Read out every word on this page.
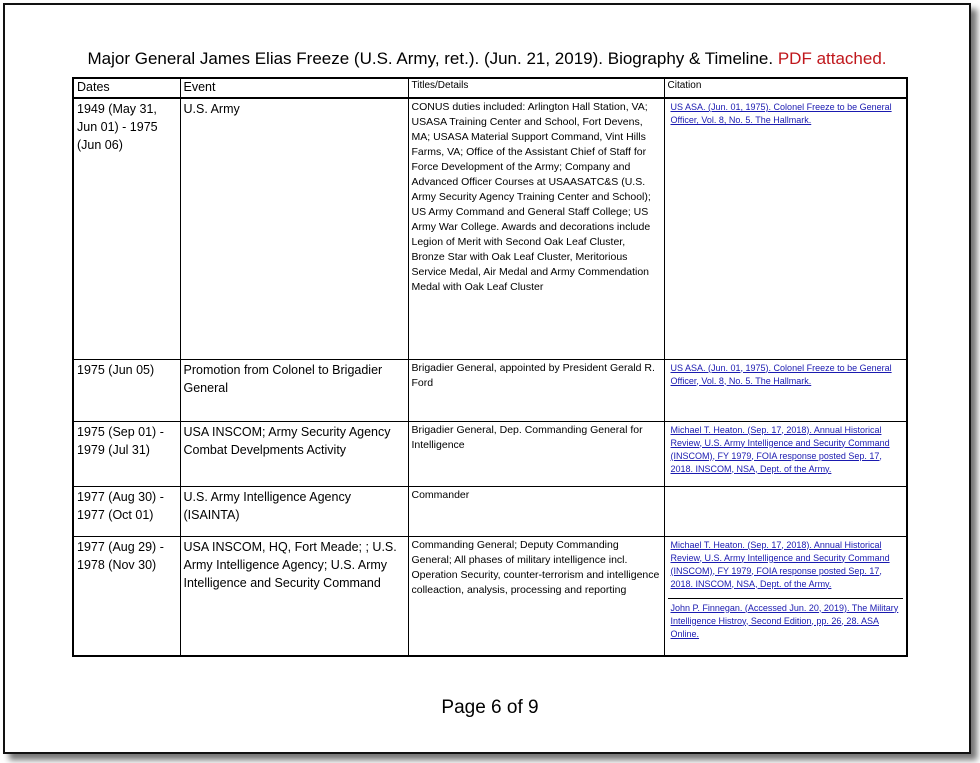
Major General James Elias Freeze (U.S. Army, ret.). (Jun. 21, 2019). Biography & Timeline. PDF attached.
Dates	Event	Titles/Details	Citation
1949 (May 31, Jun 01) - 1975 (Jun 06)	U.S. Army	CONUS duties included: Arlington Hall Station, VA; USASA Training Center and School, Fort Devens, MA; USASA Material Support Command, Vint Hills Farms, VA; Office of the Assistant Chief of Staff for Force Development of the Army; Company and Advanced Officer Courses at USAASATC&S (U.S. Army Security Agency Training Center and School); US Army Command and General Staff College; US Army War College. Awards and decorations include Legion of Merit with Second Oak Leaf Cluster, Bronze Star with Oak Leaf Cluster, Meritorious Service Medal, Air Medal and Army Commendation Medal with Oak Leaf Cluster	US ASA. (Jun. 01, 1975). Colonel Freeze to be General Officer, Vol. 8, No. 5. The Hallmark.

1975 (Jun 05)	Promotion from Colonel to Brigadier General	Brigadier General, appointed by President Gerald R. Ford	US ASA. (Jun. 01, 1975). Colonel Freeze to be General Officer, Vol. 8, No. 5. The Hallmark.

1975 (Sep 01) - 1979 (Jul 31)	USA INSCOM; Army Security Agency Combat Develpments Activity	Brigadier General, Dep. Commanding General for Intelligence	Michael T. Heaton. (Sep. 17, 2018). Annual Historical Review, U.S. Army Intelligence and Security Command (INSCOM), FY 1979, FOIA response posted Sep. 17, 2018. INSCOM, NSA, Dept. of the Army.

1977 (Aug 30) - 1977 (Oct 01)	U.S. Army Intelligence Agency (ISAINTA)	Commander	
1977 (Aug 29) - 1978 (Nov 30)	USA INSCOM, HQ, Fort Meade; ; U.S. Army Intelligence Agency; U.S. Army Intelligence and Security Command	Commanding General; Deputy Commanding General; All phases of military intelligence incl. Operation Security, counter-terrorism and intelligence colleaction, analysis, processing and reporting	Michael T. Heaton. (Sep. 17, 2018). Annual Historical Review, U.S. Army Intelligence and Security Command (INSCOM), FY 1979, FOIA response posted Sep. 17, 2018. INSCOM, NSA, Dept. of the Army.
John P. Finnegan. (Accessed Jun. 20, 2019). The Military Intelligence Histroy, Second Edition, pp. 26, 28. ASA Online.
Page 6 of 9
